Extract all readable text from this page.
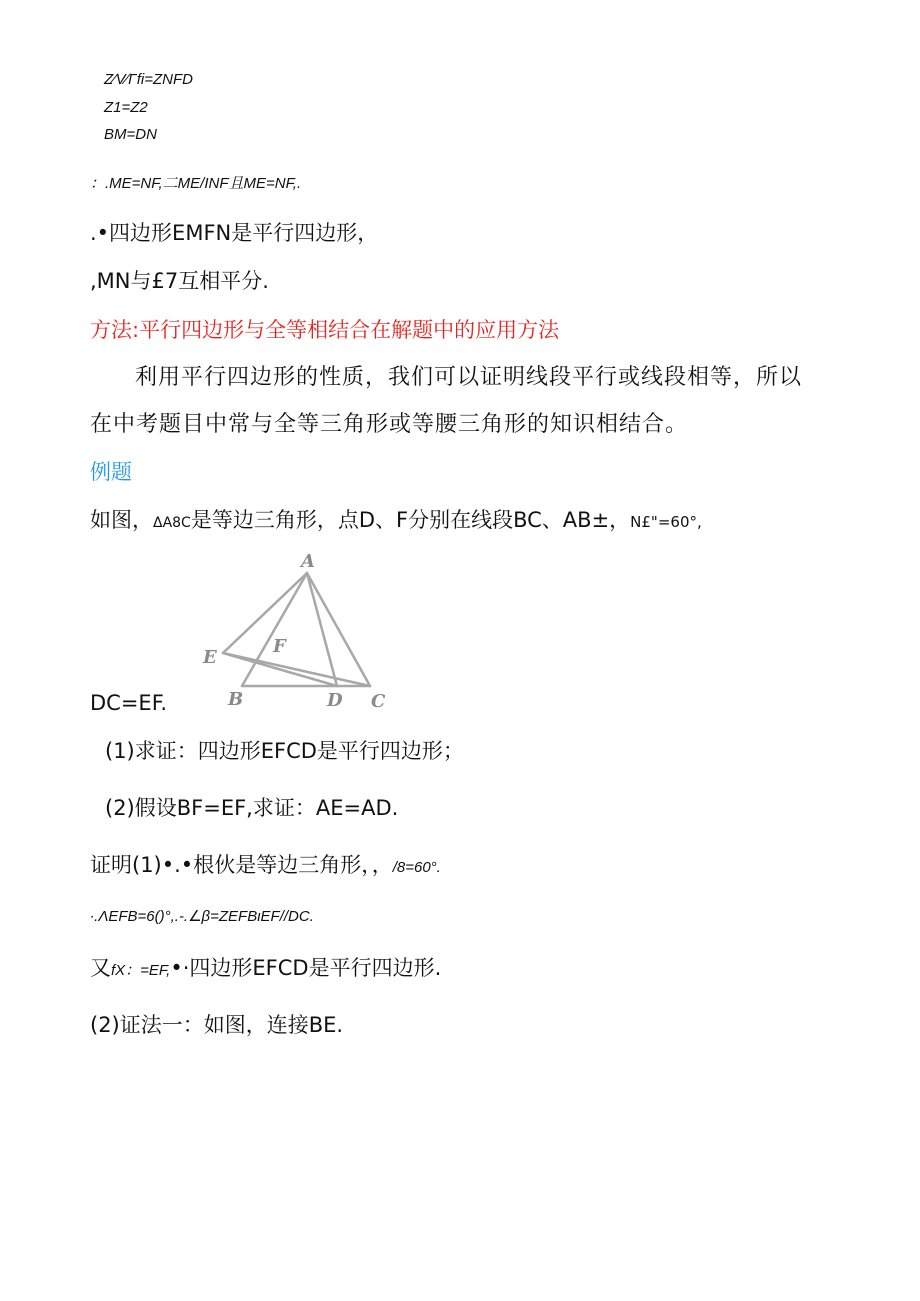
Z∕V∕Γfi=ZNFD
Z1=Z2
BM=DN
：.ME=NF,二ME/INF且ME=NF,.
.•四边形EMFN是平行四边形，
,MN与£7互相平分.
方法:平行四边形与全等相结合在解题中的应用方法
利用平行四边形的性质，我们可以证明线段平行或线段相等，所以
在中考题目中常与全等三角形或等腰三角形的知识相结合。
例题
如图，ΔA8C是等边三角形，点D、F分别在线段BC、AB±，N£"=60°,
A
B	C
D
E
F
DC=EF.
(1)求证：四边形EFCD是平行四边形；
(2)假设BF=EF,求证：AE=AD.
证明(1)•.•根伙是等边三角形，，/8=60°.
∙.ΛEFB=6()°,.-.∠β=ZEFBιEF//DC.
又fX：=EF,•·四边形EFCD是平行四边形.
(2)证法一：如图，连接BE.
